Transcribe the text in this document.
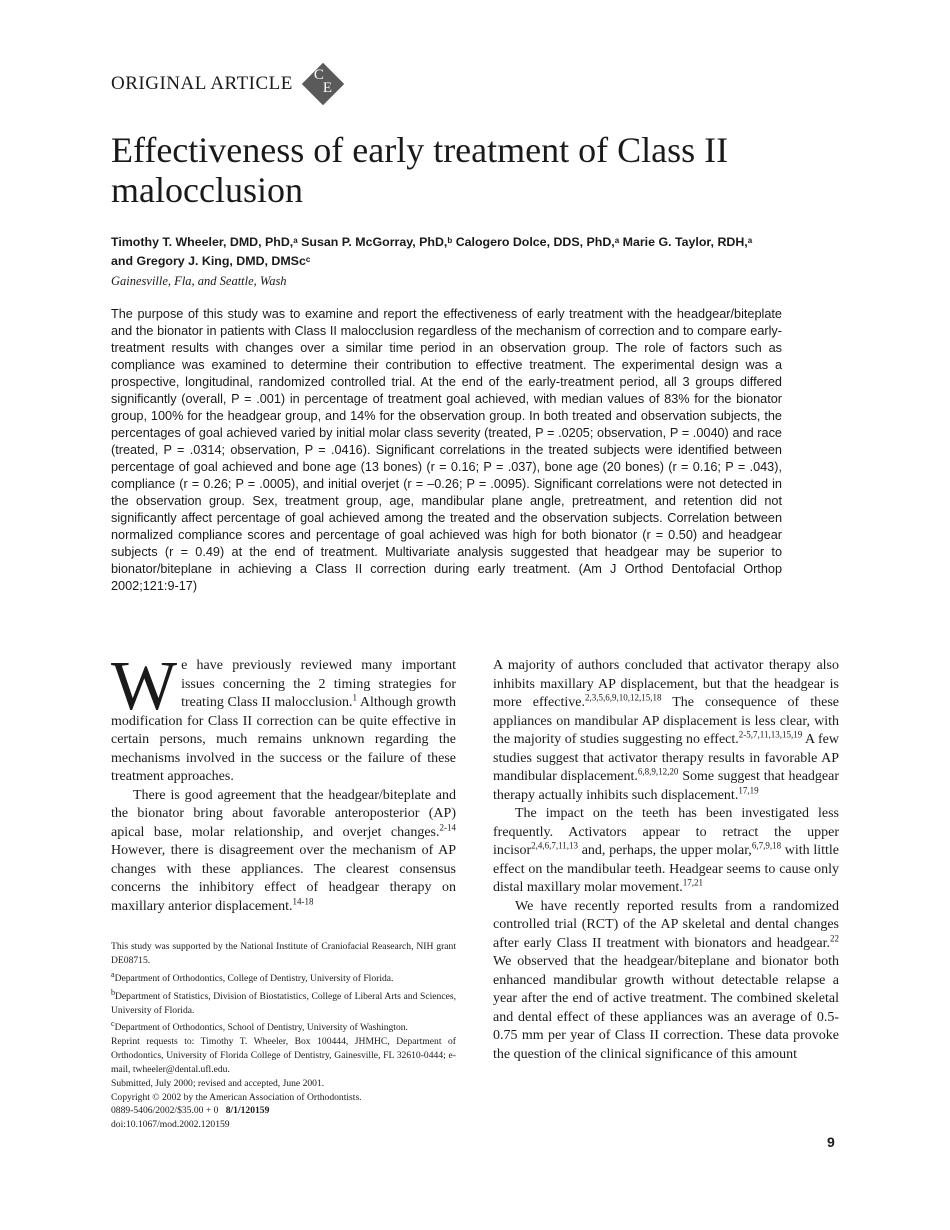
ORIGINAL ARTICLE C
E
Effectiveness of early treatment of Class II malocclusion
Timothy T. Wheeler, DMD, PhD,$^a$ Susan P. McGorray, PhD,$^b$ Calogero Dolce, DDS, PhD,$^a$ Marie G. Taylor, RDH,$^a$
and Gregory J. King, DMD, DMSc$^c$
Gainesville, Fla, and Seattle, Wash

The purpose of this study was to examine and report the effectiveness of early treatment with the headgear/biteplate and the bionator in patients with Class II malocclusion regardless of the mechanism of correction and to compare early-treatment results with changes over a similar time period in an observation group. The role of factors such as compliance was examined to determine their contribution to effective treatment. The experimental design was a prospective, longitudinal, randomized controlled trial. At the end of the early-treatment period, all 3 groups differed significantly (overall, P = .001) in percentage of treatment goal achieved, with median values of 83% for the bionator group, 100% for the headgear group, and 14% for the observation group. In both treated and observation subjects, the percentages of goal achieved varied by initial molar class severity (treated, P = .0205; observation, P = .0040) and race (treated, P = .0314; observation, P = .0416). Significant correlations in the treated subjects were identified between percentage of goal achieved and bone age (13 bones) (r = 0.16; P = .037), bone age (20 bones) (r = 0.16; P = .043), compliance (r = 0.26; P = .0005), and initial overjet (r = –0.26; P = .0095). Significant correlations were not detected in the observation group. Sex, treatment group, age, mandibular plane angle, pretreatment, and retention did not significantly affect percentage of goal achieved among the treated and the observation subjects. Correlation between normalized compliance scores and percentage of goal achieved was high for both bionator (r = 0.50) and headgear subjects (r = 0.49) at the end of treatment. Multivariate analysis suggested that headgear may be superior to bionator/biteplane in achieving a Class II correction during early treatment. (Am J Orthod Dentofacial Orthop 2002;121:9-17)

We have previously reviewed many important issues concerning the 2 timing strategies for treating Class II malocclusion.$^1$ Although growth modification for Class II correction can be quite effective in certain persons, much remains unknown regarding the mechanisms involved in the success or the failure of these treatment approaches.

There is good agreement that the headgear/biteplate and the bionator bring about favorable anteroposterior (AP) apical base, molar relationship, and overjet changes.$^{2-14}$ However, there is disagreement over the mechanism of AP changes with these appliances. The clearest consensus concerns the inhibitory effect of headgear therapy on maxillary anterior displacement.$^{14-18}$

This study was supported by the National Institute of Craniofacial Reasearch, NIH grant DE08715.

$^a$Department of Orthodontics, College of Dentistry, University of Florida.

$^b$Department of Statistics, Division of Biostatistics, College of Liberal Arts and Sciences, University of Florida.

$^c$Department of Orthodontics, School of Dentistry, University of Washington.

Reprint requests to: Timothy T. Wheeler, Box 100444, JHMHC, Department of Orthodontics, University of Florida College of Dentistry, Gainesville, FL 32610-0444; e-mail, twheeler@dental.ufl.edu.

Submitted, July 2000; revised and accepted, June 2001.

Copyright © 2002 by the American Association of Orthodontists.

0889-5406/2002/$35.00 + 0 8/1/120159

doi:10.1067/mod.2002.120159

A majority of authors concluded that activator therapy also inhibits maxillary AP displacement, but that the headgear is more effective.$^{2,3,5,6,9,10,12,15,18}$ The consequence of these appliances on mandibular AP displacement is less clear, with the majority of studies suggesting no effect.$^{2-5,7,11,13,15,19}$ A few studies suggest that activator therapy results in favorable AP mandibular displacement.$^{6,8,9,12,20}$ Some suggest that headgear therapy actually inhibits such displacement.$^{17,19}$

The impact on the teeth has been investigated less frequently. Activators appear to retract the upper incisor$^{2,4,6,7,11,13}$ and, perhaps, the upper molar,$^{6,7,9,18}$ with little effect on the mandibular teeth. Headgear seems to cause only distal maxillary molar movement.$^{17,21}$

We have recently reported results from a randomized controlled trial (RCT) of the AP skeletal and dental changes after early Class II treatment with bionators and headgear.$^{22}$ We observed that the headgear/biteplane and bionator both enhanced mandibular growth without detectable relapse a year after the end of active treatment. The combined skeletal and dental effect of these appliances was an average of 0.5-0.75 mm per year of Class II correction. These data provoke the question of the clinical significance of this amount

9
